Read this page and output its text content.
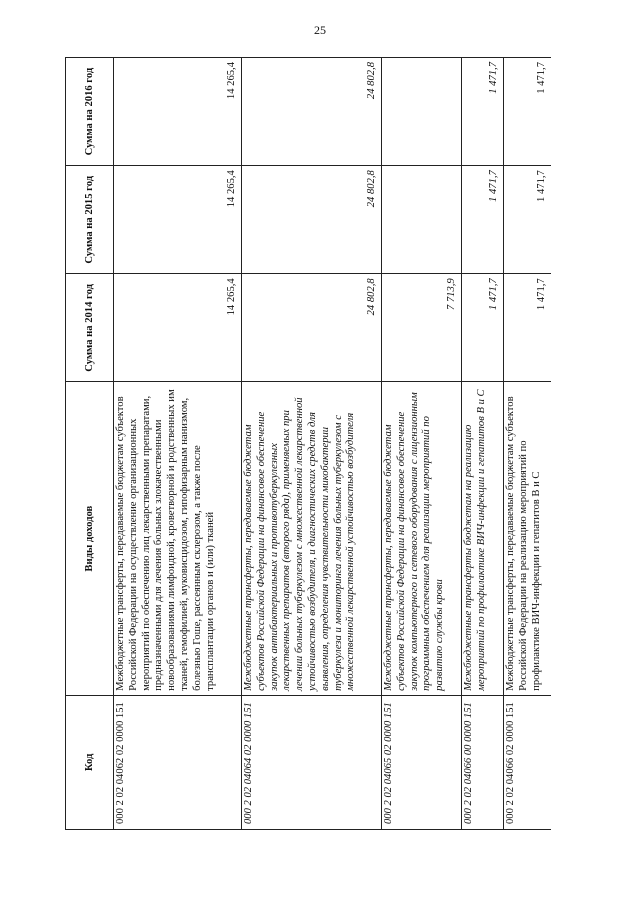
25
Код	Виды доходов	Сумма на 2014 год	Сумма на 2015 год	Сумма на 2016 год
000 2 02 04062 02 0000 151	Межбюджетные трансферты, передаваемые бюджетам субъектов Российской Федерации на осуществление организационных мероприятий по обеспечению лиц лекарственными препаратами, предназначенными для лечения больных злокачественными новообразованиями лимфоидной, кроветворной и родственных им тканей, гемофилией, муковисцидозом, гипофизарным нанизмом, болезнью Гоше, рассеянным склерозом, а также после трансплантации органов и (или) тканей	14 265,4	14 265,4	14 265,4
000 2 02 04064 02 0000 151	Межбюджетные трансферты, передаваемые бюджетам субъектов Российской Федерации на финансовое обеспечение закупок антибактериальных и противотуберкулезных лекарственных препаратов (второго ряда), применяемых при лечении больных туберкулезом с множественной лекарственной устойчивостью возбудителя, и диагностических средств для выявления, определения чувствительности микобактерии туберкулеза и мониторинга лечения больных туберкулезом с множественной лекарственной устойчивостью возбудителя	24 802,8	24 802,8	24 802,8
000 2 02 04065 02 0000 151	Межбюджетные трансферты, передаваемые бюджетам субъектов Российской Федерации на финансовое обеспечение закупок компьютерного и сетевого оборудования с лицензионным программным обеспечением для реализации мероприятий по развитию службы крови	7 713,9		
000 2 02 04066 00 0000 151	Межбюджетные трансферты бюджетам на реализацию мероприятий по профилактике ВИЧ-инфекции и гепатитов В и С	1 471,7	1 471,7	1 471,7
000 2 02 04066 02 0000 151	Межбюджетные трансферты, передаваемые бюджетам субъектов Российской Федерации на реализацию мероприятий по профилактике ВИЧ-инфекции и гепатитов В и С	1 471,7	1 471,7	1 471,7
